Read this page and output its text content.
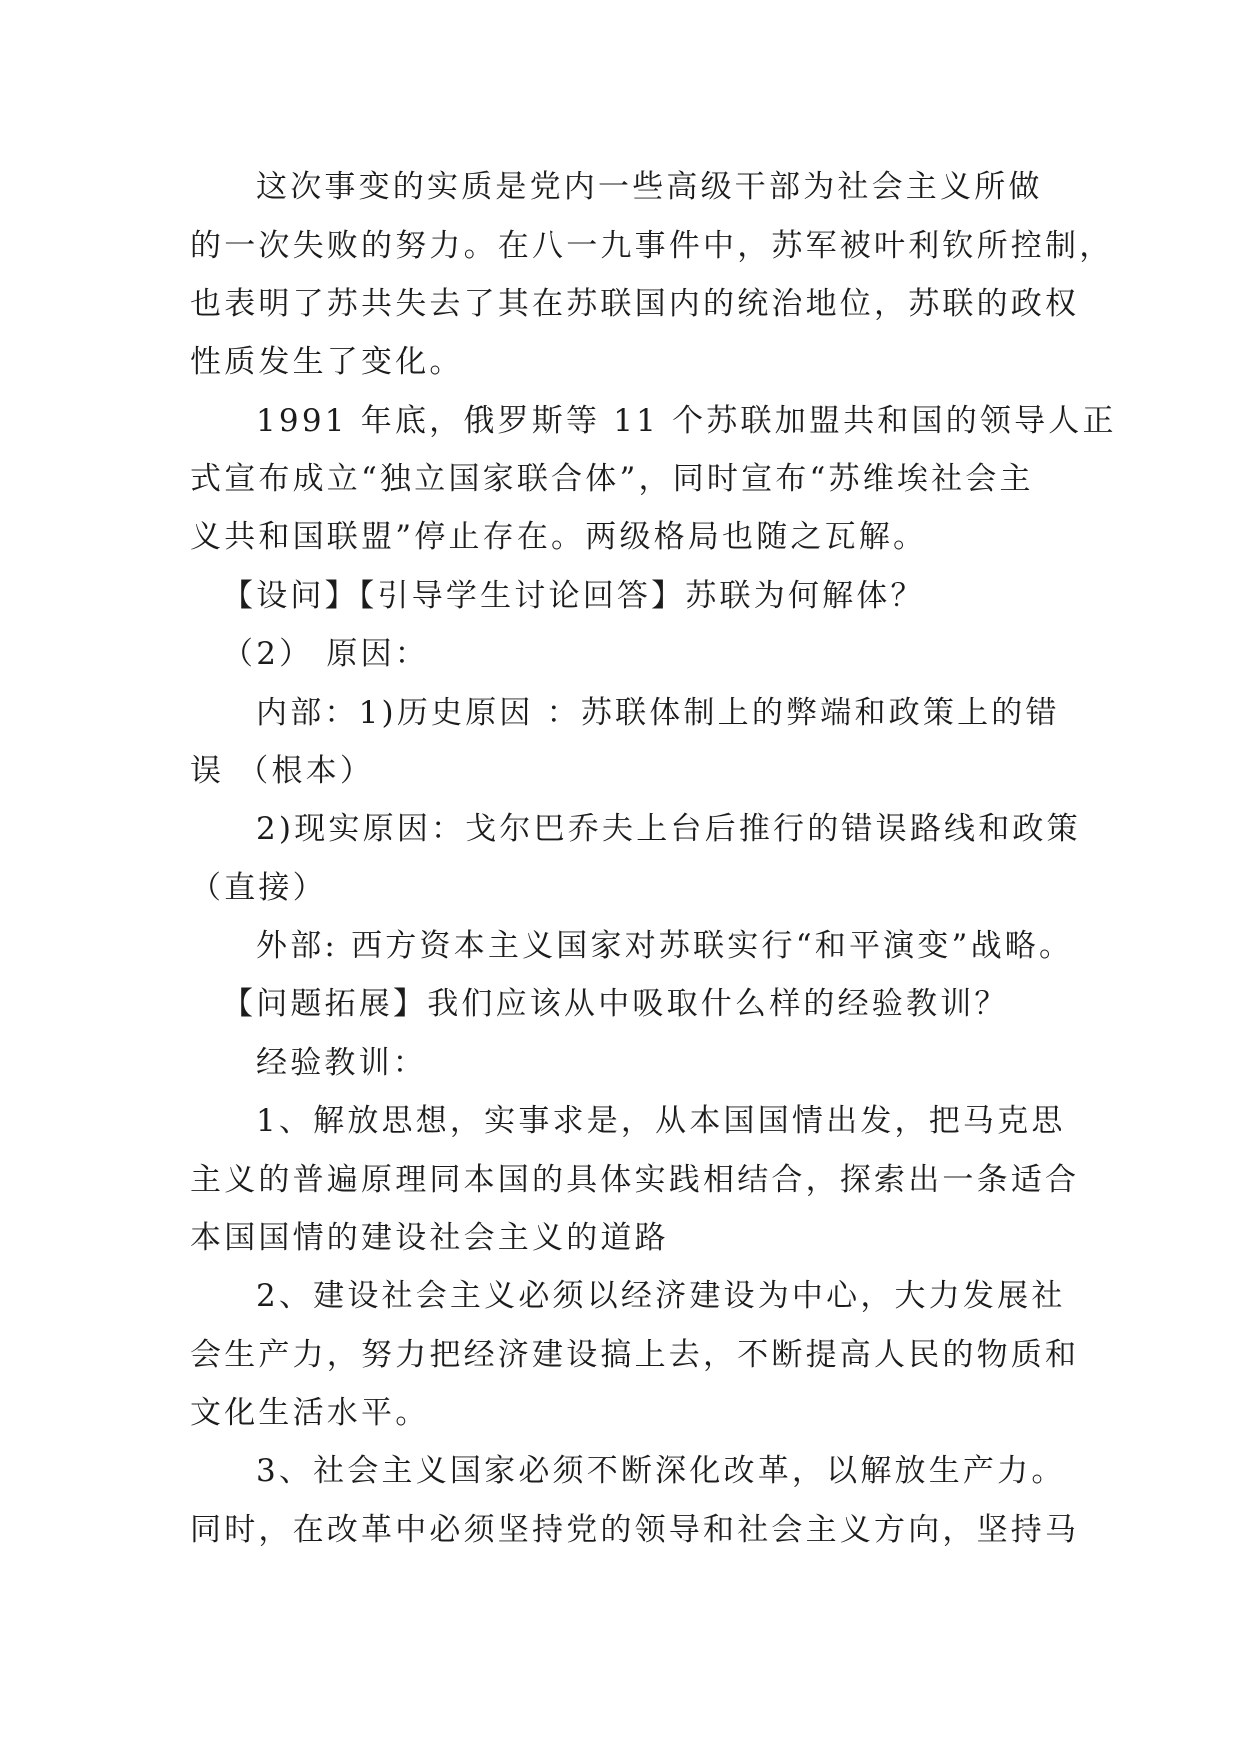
这次事变的实质是党内一些高级干部为社会主义所做
的一次失败的努力。在八一九事件中，苏军被叶利钦所控制，
也表明了苏共失去了其在苏联国内的统治地位，苏联的政权
性质发生了变化。
1991 年底，俄罗斯等 11 个苏联加盟共和国的领导人正
式宣布成立“独立国家联合体”，同时宣布“苏维埃社会主
义共和国联盟”停止存在。两级格局也随之瓦解。
【设问】【引导学生讨论回答】苏联为何解体？
（2） 原因：
内部：1)历史原因 ：苏联体制上的弊端和政策上的错
误 （根本）
2)现实原因：戈尔巴乔夫上台后推行的错误路线和政策
（直接）
外部: 西方资本主义国家对苏联实行“和平演变”战略。
【问题拓展】我们应该从中吸取什么样的经验教训？
经验教训：
1、解放思想，实事求是，从本国国情出发，把马克思
主义的普遍原理同本国的具体实践相结合，探索出一条适合
本国国情的建设社会主义的道路
2、建设社会主义必须以经济建设为中心，大力发展社
会生产力，努力把经济建设搞上去，不断提高人民的物质和
文化生活水平。
3、社会主义国家必须不断深化改革，以解放生产力。
同时，在改革中必须坚持党的领导和社会主义方向，坚持马
